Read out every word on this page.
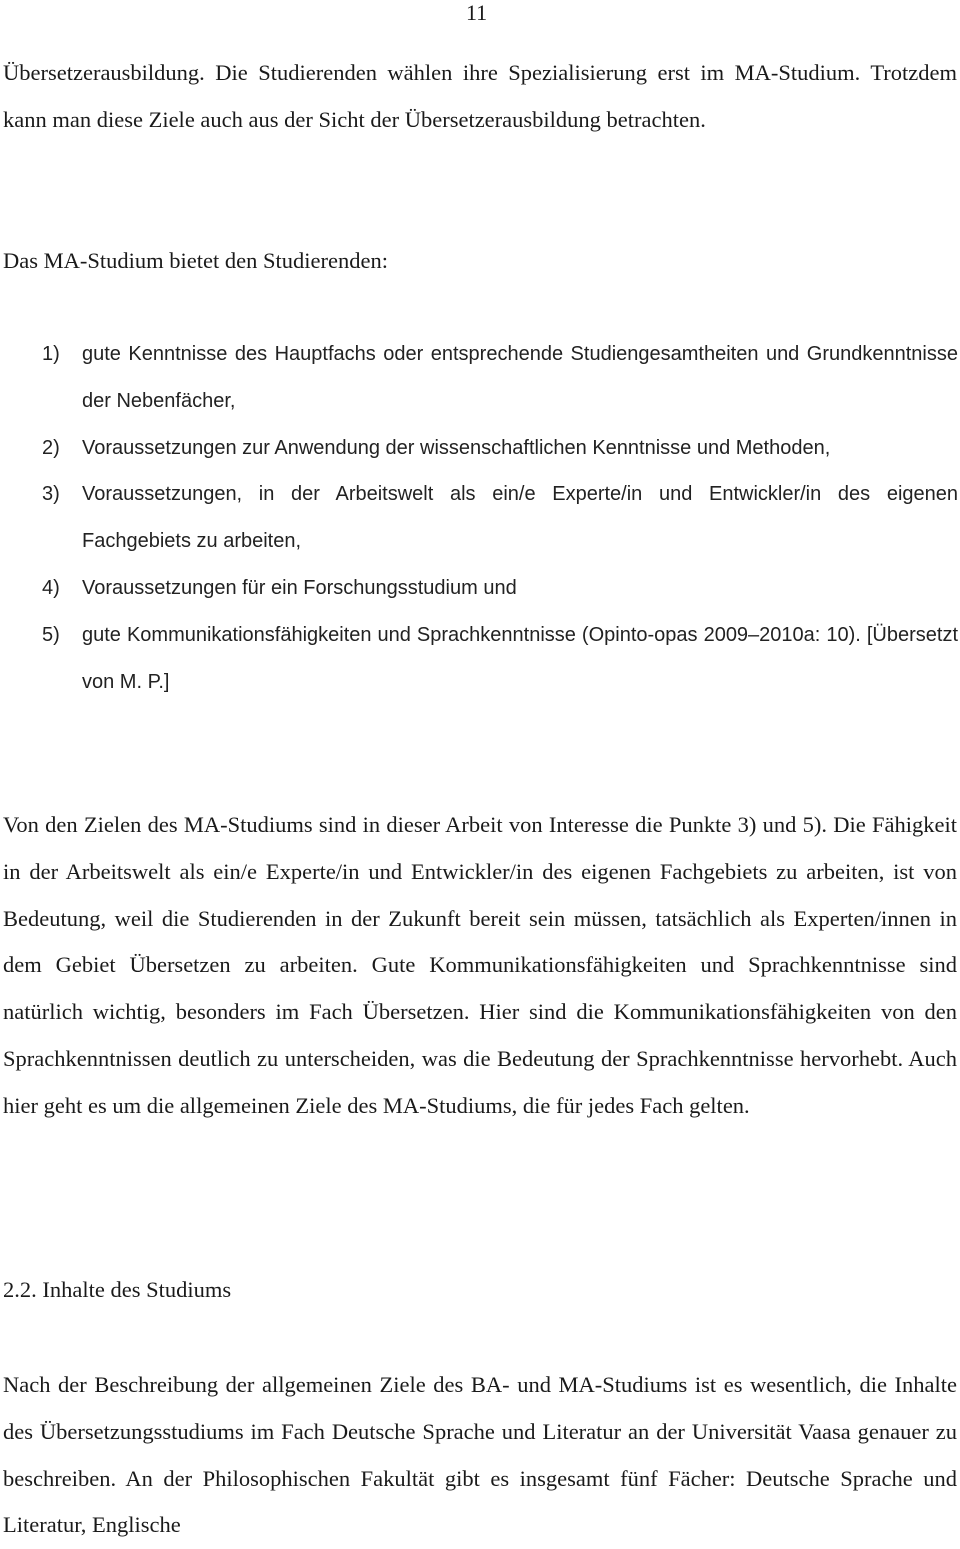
11

Übersetzerausbildung. Die Studierenden wählen ihre Spezialisierung erst im MA-Studium. Trotzdem kann man diese Ziele auch aus der Sicht der Übersetzerausbildung betrachten.

Das MA-Studium bietet den Studierenden:

1)	gute Kenntnisse des Hauptfachs oder entsprechende Studiengesamtheiten und Grundkenntnisse der Nebenfächer,
2)	Voraussetzungen zur Anwendung der wissenschaftlichen Kenntnisse und Methoden,
3)	Voraussetzungen, in der Arbeitswelt als ein/e Experte/in und Entwickler/in des eigenen Fachgebiets zu arbeiten,
4)	Voraussetzungen für ein Forschungsstudium und
5)	gute Kommunikationsfähigkeiten und Sprachkenntnisse (Opinto-opas 2009–2010a: 10). [Übersetzt von M. P.]

Von den Zielen des MA-Studiums sind in dieser Arbeit von Interesse die Punkte 3) und 5). Die Fähigkeit in der Arbeitswelt als ein/e Experte/in und Entwickler/in des eigenen Fachgebiets zu arbeiten, ist von Bedeutung, weil die Studierenden in der Zukunft bereit sein müssen, tatsächlich als Experten/innen in dem Gebiet Übersetzen zu arbeiten. Gute Kommunikationsfähigkeiten und Sprachkenntnisse sind natürlich wichtig, besonders im Fach Übersetzen. Hier sind die Kommunikationsfähigkeiten von den Sprachkenntnissen deutlich zu unterscheiden, was die Bedeutung der Sprachkenntnisse hervorhebt. Auch hier geht es um die allgemeinen Ziele des MA-Studiums, die für jedes Fach gelten.

2.2. Inhalte des Studiums

Nach der Beschreibung der allgemeinen Ziele des BA- und MA-Studiums ist es wesentlich, die Inhalte des Übersetzungsstudiums im Fach Deutsche Sprache und Literatur an der Universität Vaasa genauer zu beschreiben. An der Philosophischen Fakultät gibt es insgesamt fünf Fächer: Deutsche Sprache und Literatur, Englische
